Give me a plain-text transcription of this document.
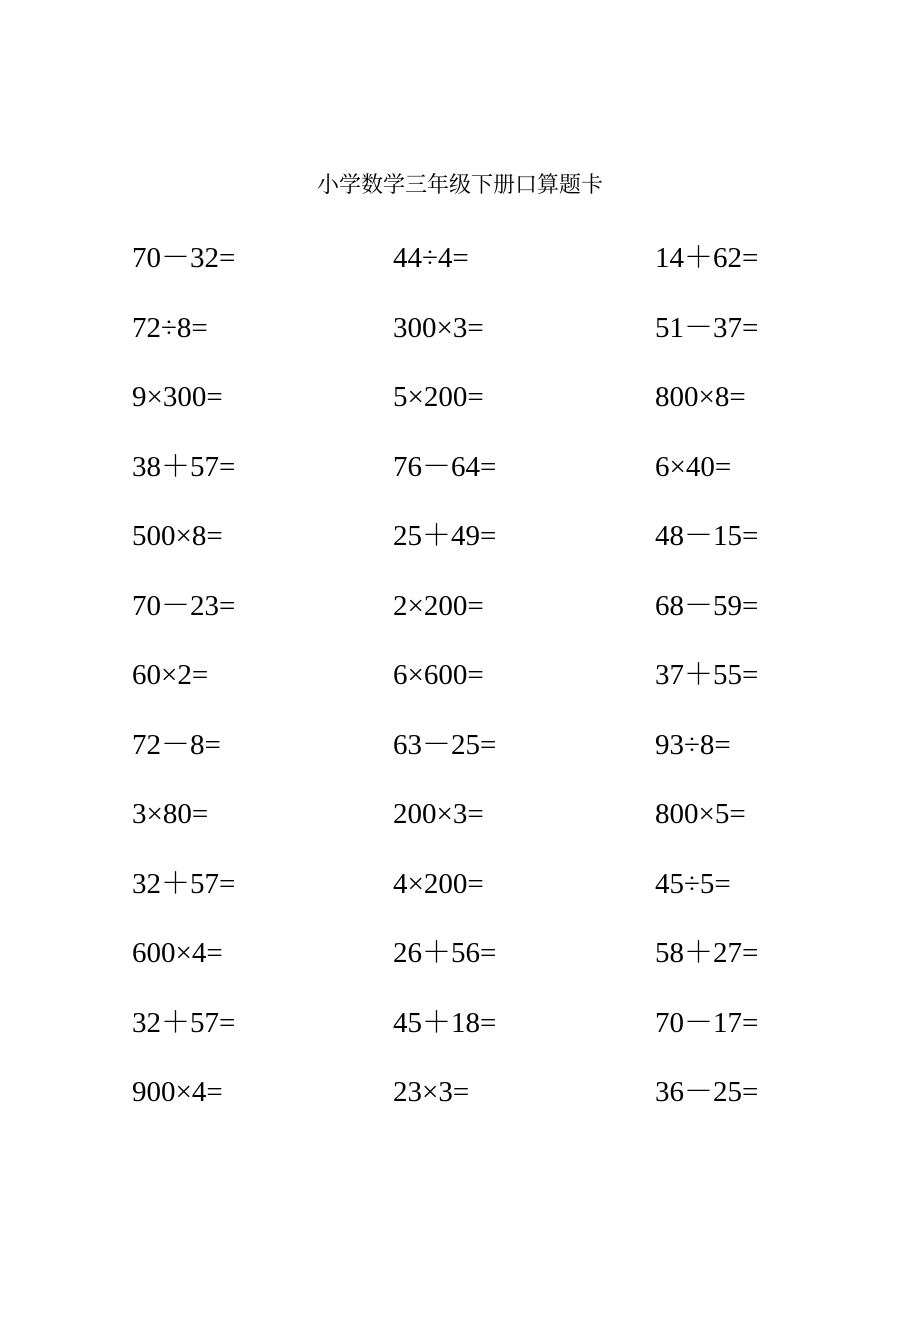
小学数学三年级下册口算题卡
70－32=	44÷4=	14＋62=
72÷8=	300×3=	51－37=
9×300=	5×200=	800×8=
38＋57=	76－64=	6×40=
500×8=	25＋49=	48－15=
70－23=	2×200=	68－59=
60×2=	6×600=	37＋55=
72－8=	63－25=	93÷8=
3×80=	200×3=	800×5=
32＋57=	4×200=	45÷5=
600×4=	26＋56=	58＋27=
32＋57=	45＋18=	70－17=
900×4=	23×3=	36－25=
